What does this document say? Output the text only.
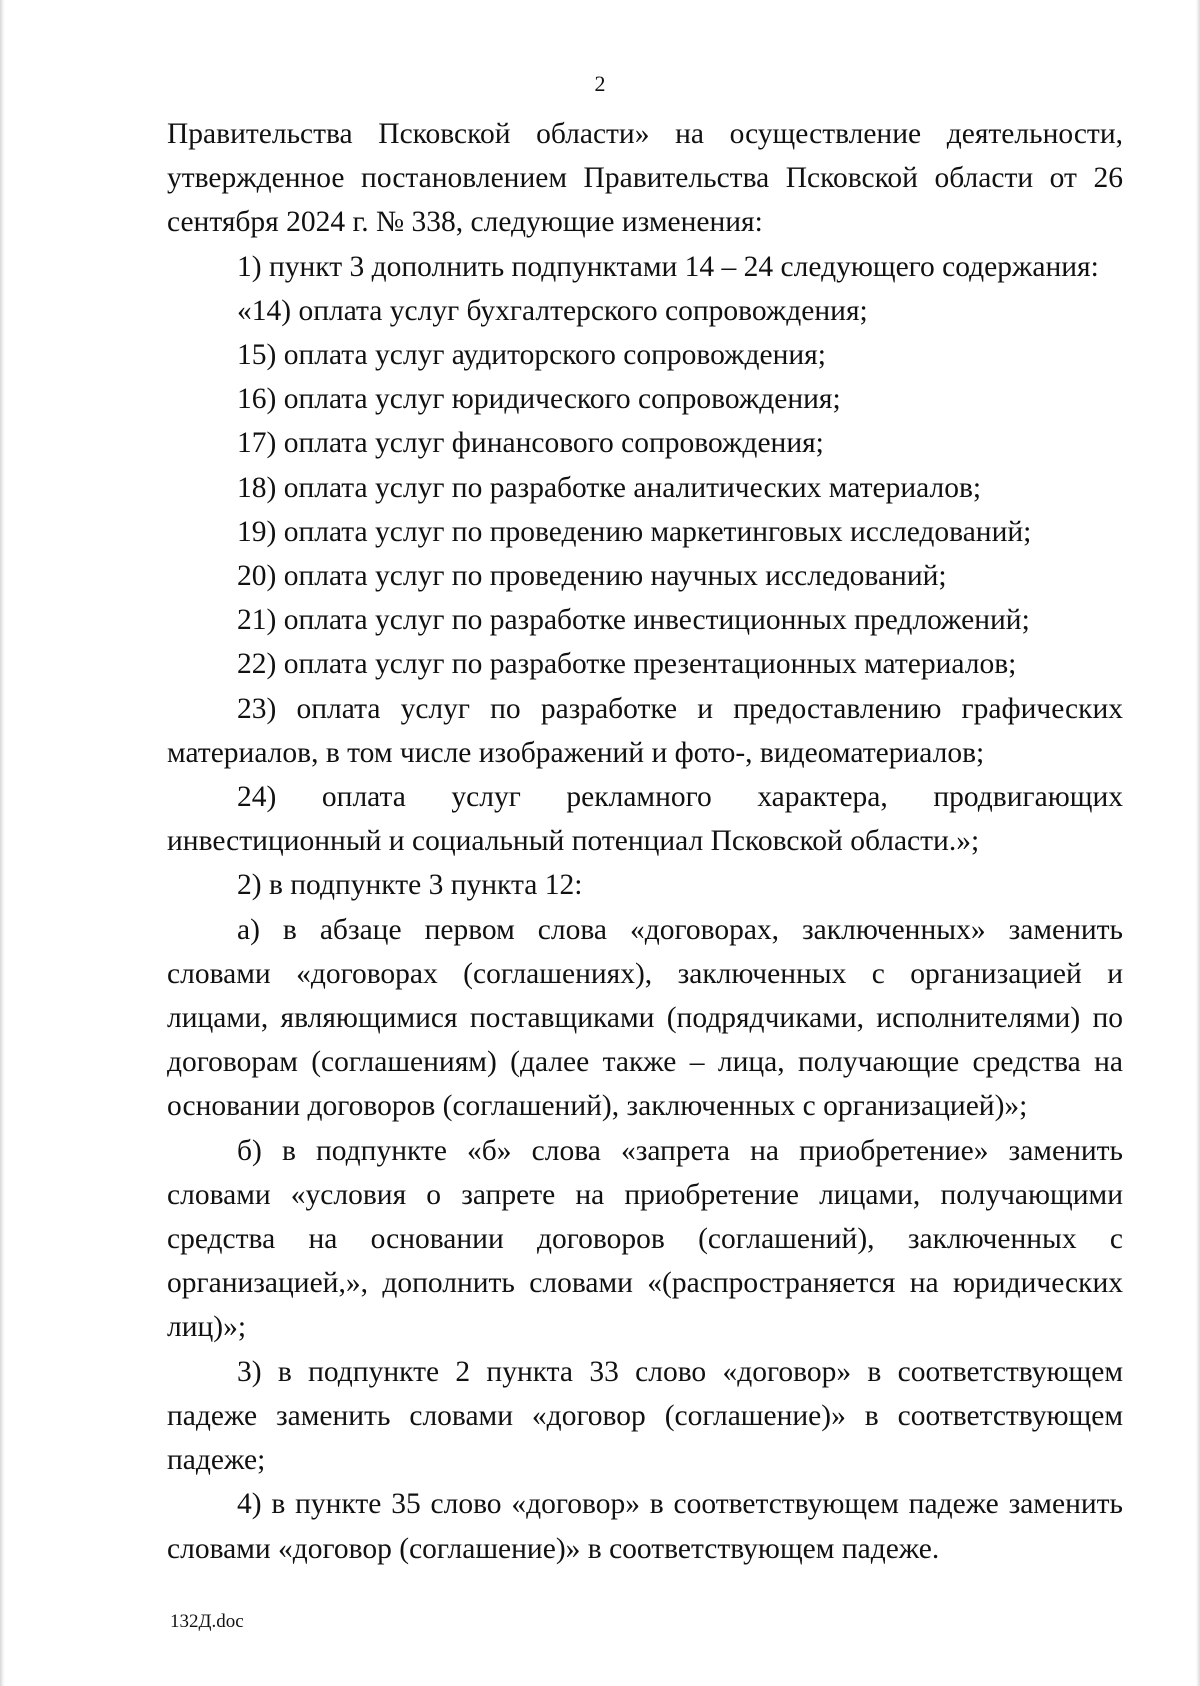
2

Правительства Псковской области» на осуществление деятельности, утвержденное постановлением Правительства Псковской области от 26 сентября 2024 г. № 338, следующие изменения:

1) пункт 3 дополнить подпунктами 14 – 24 следующего содержания:

«14) оплата услуг бухгалтерского сопровождения;

15) оплата услуг аудиторского сопровождения;

16) оплата услуг юридического сопровождения;

17) оплата услуг финансового сопровождения;

18) оплата услуг по разработке аналитических материалов;

19) оплата услуг по проведению маркетинговых исследований;

20) оплата услуг по проведению научных исследований;

21) оплата услуг по разработке инвестиционных предложений;

22) оплата услуг по разработке презентационных материалов;

23) оплата услуг по разработке и предоставлению графических материалов, в том числе изображений и фото-, видеоматериалов;

24) оплата услуг рекламного характера, продвигающих инвестиционный и социальный потенциал Псковской области.»;

2) в подпункте 3 пункта 12:

а) в абзаце первом слова «договорах, заключенных» заменить словами «договорах (соглашениях), заключенных с организацией и лицами, являющимися поставщиками (подрядчиками, исполнителями) по договорам (соглашениям) (далее также – лица, получающие средства на основании договоров (соглашений), заключенных с организацией)»;

б) в подпункте «б» слова «запрета на приобретение» заменить словами «условия о запрете на приобретение лицами, получающими средства на основании договоров (соглашений), заключенных с организацией,», дополнить словами «(распространяется на юридических лиц)»;

3) в подпункте 2 пункта 33 слово «договор» в соответствующем падеже заменить словами «договор (соглашение)» в соответствующем падеже;

4) в пункте 35 слово «договор» в соответствующем падеже заменить словами «договор (соглашение)» в соответствующем падеже.

132Д.doc
